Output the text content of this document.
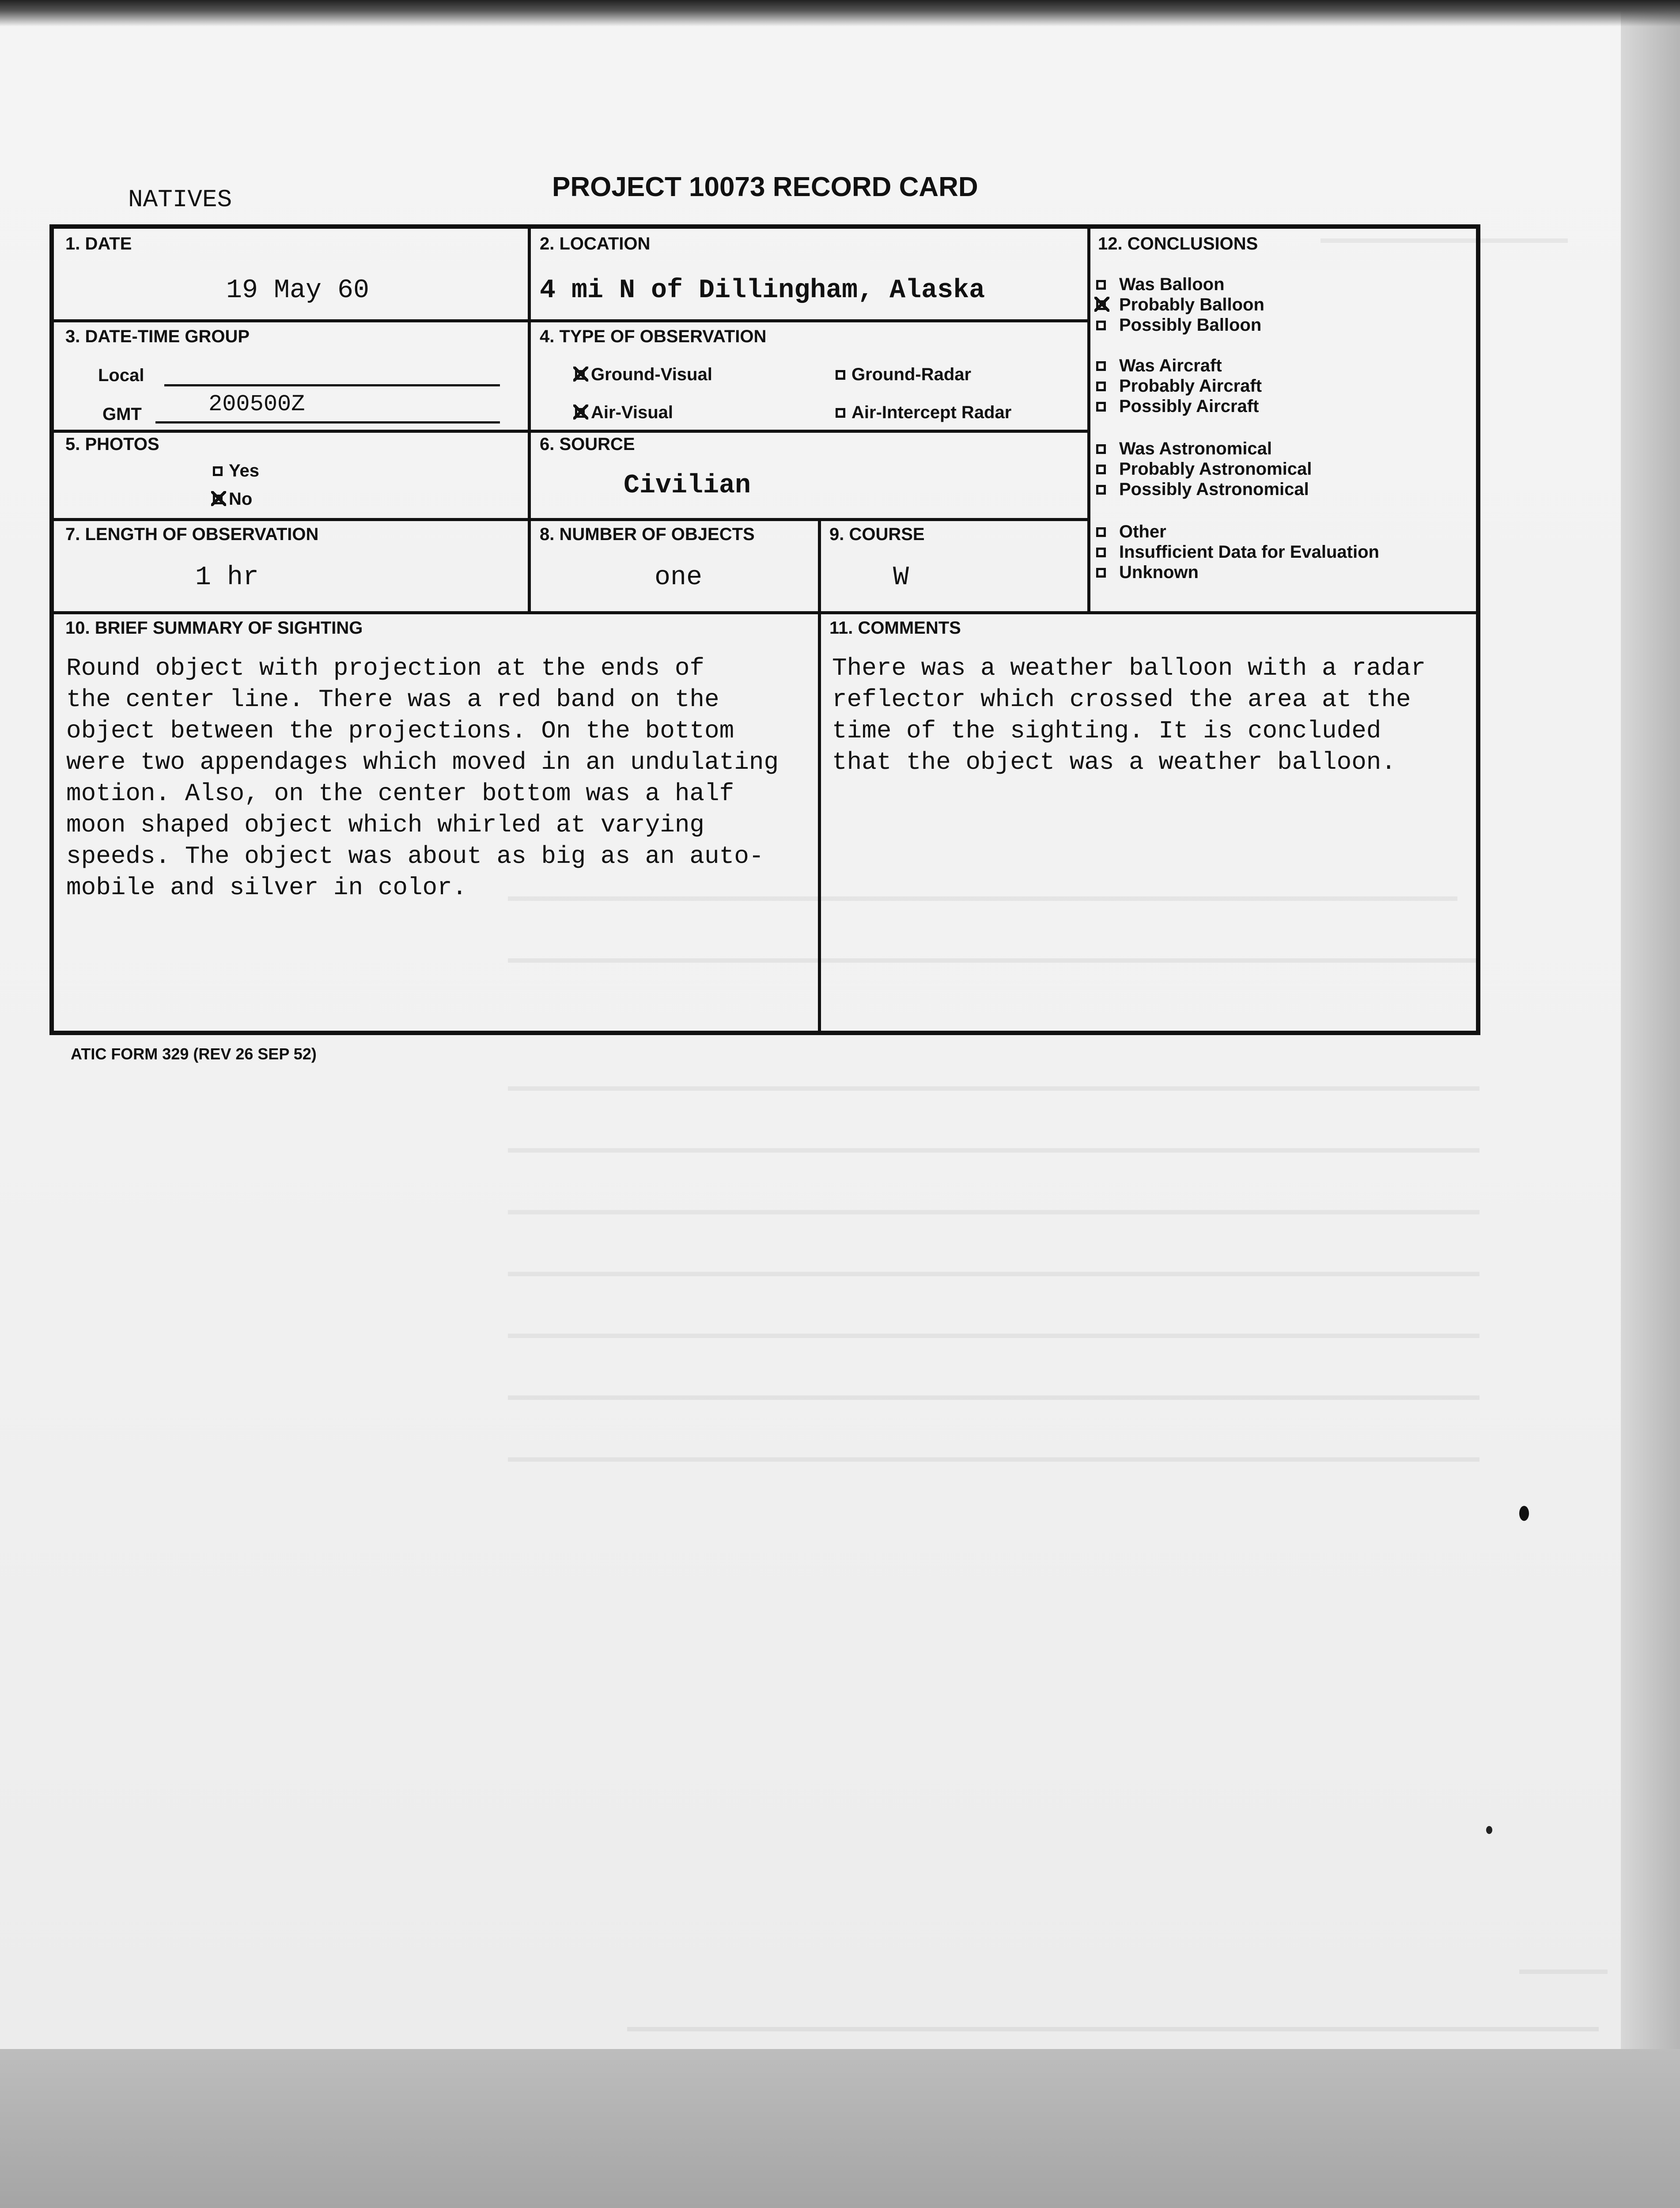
NATIVES	PROJECT 10073 RECORD CARD
1. DATE
19 May 60
2. LOCATION
4 mi N of Dillingham, Alaska
3. DATE-TIME GROUP
Local
GMT	200500Z
4. TYPE OF OBSERVATION
Ground-Visual	Ground-Radar
Air-Visual	Air-Intercept Radar
5. PHOTOS
Yes
No
6. SOURCE
Civilian
7. LENGTH OF OBSERVATION
1 hr
8. NUMBER OF OBJECTS
one
9. COURSE
W
12. CONCLUSIONS
Was Balloon
Probably Balloon
Possibly Balloon
Was Aircraft
Probably Aircraft
Possibly Aircraft
Was Astronomical
Probably Astronomical
Possibly Astronomical
Other
Insufficient Data for Evaluation
Unknown
10. BRIEF SUMMARY OF SIGHTING
Round object with projection at the ends of
the center line. There was a red band on the
object between the projections. On the bottom
were two appendages which moved in an undulating
motion. Also, on the center bottom was a half
moon shaped object which whirled at varying
speeds. The object was about as big as an auto-
mobile and silver in color.
11. COMMENTS
There was a weather balloon with a radar
reflector which crossed the area at the
time of the sighting. It is concluded
that the object was a weather balloon.
ATIC FORM 329 (REV 26 SEP 52)
